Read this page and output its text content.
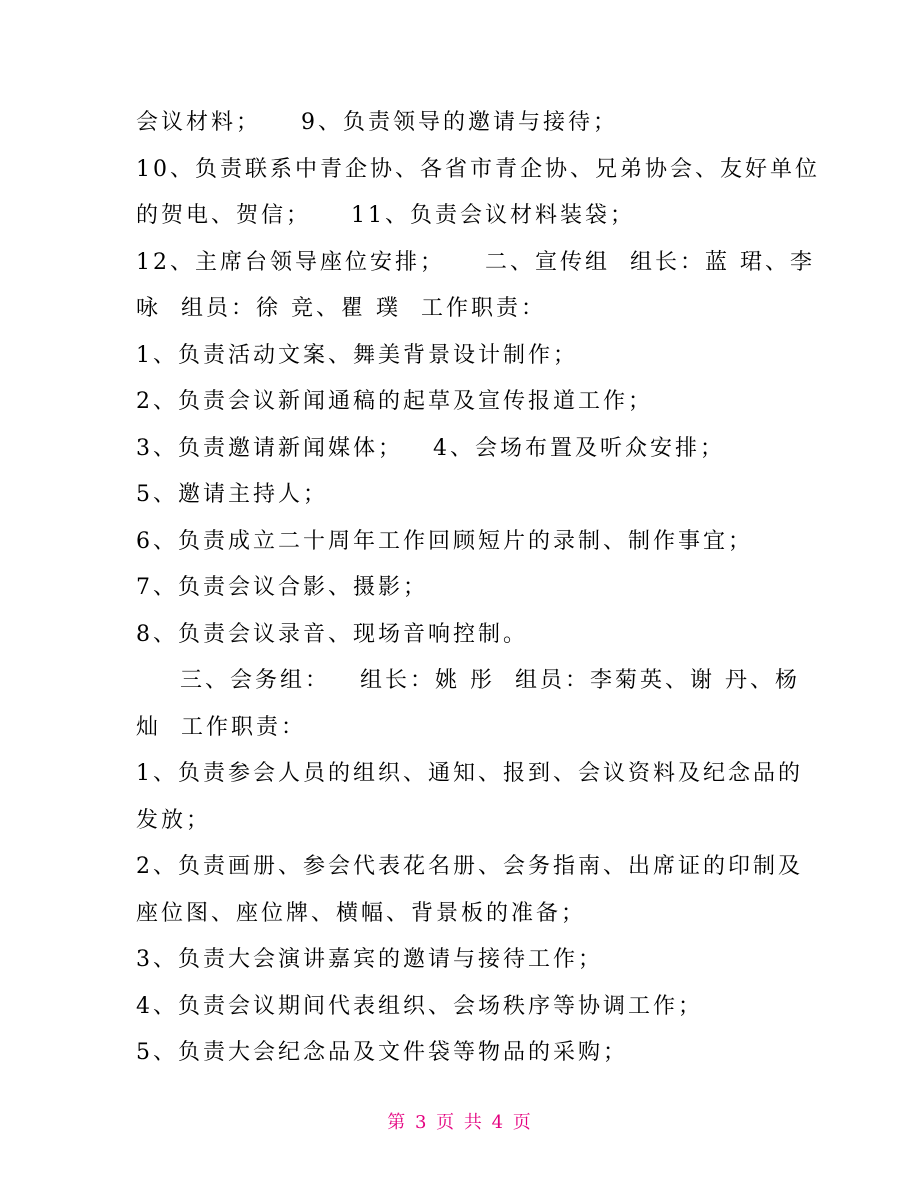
会议材料；    9、负责领导的邀请与接待；
10、负责联系中青企协、各省市青企协、兄弟协会、友好单位
的贺电、贺信；    11、负责会议材料装袋；
12、主席台领导座位安排；    二、宣传组  组长：蓝 珺、李
咏  组员：徐 竞、瞿 璞  工作职责：
1、负责活动文案、舞美背景设计制作；
2、负责会议新闻通稿的起草及宣传报道工作；
3、负责邀请新闻媒体；   4、会场布置及听众安排；
5、邀请主持人；
6、负责成立二十周年工作回顾短片的录制、制作事宜；
7、负责会议合影、摄影；
8、负责会议录音、现场音响控制。
三、会务组：   组长：姚 彤  组员：李菊英、谢 丹、杨
灿  工作职责：
1、负责参会人员的组织、通知、报到、会议资料及纪念品的
发放；
2、负责画册、参会代表花名册、会务指南、出席证的印制及
座位图、座位牌、横幅、背景板的准备；
3、负责大会演讲嘉宾的邀请与接待工作；
4、负责会议期间代表组织、会场秩序等协调工作；
5、负责大会纪念品及文件袋等物品的采购；
第 3 页 共 4 页
